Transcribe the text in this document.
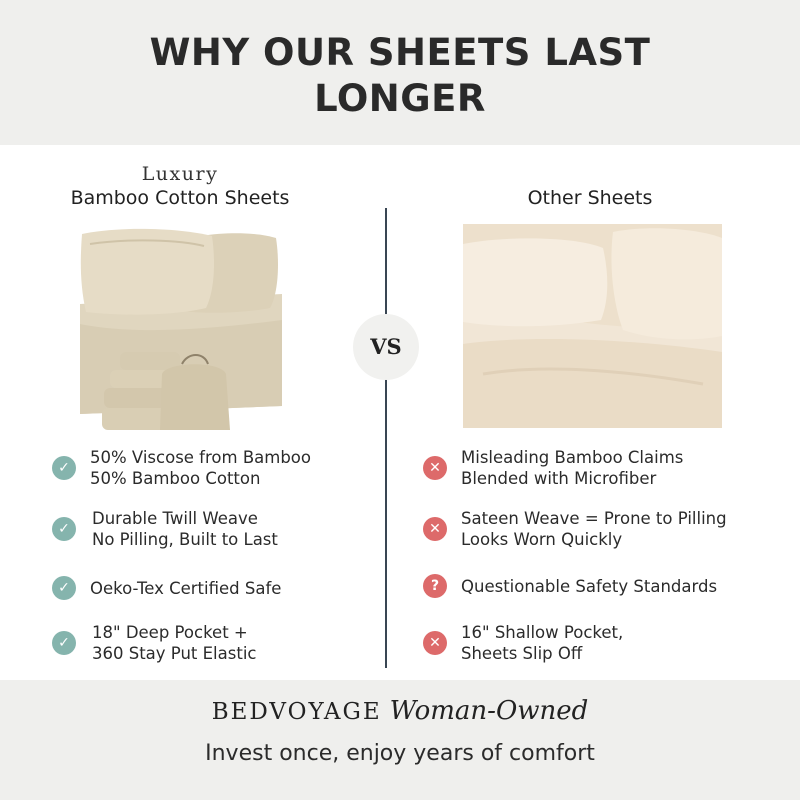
WHY OUR SHEETS LAST
LONGER
Luxury
Bamboo Cotton Sheets
VS
Other Sheets
✓
50% Viscose from Bamboo
50% Bamboo Cotton
✓
Durable Twill Weave
No Pilling, Built to Last
✓	Oeko-Tex Certified Safe
✓
18" Deep Pocket +
360 Stay Put Elastic
✕
Misleading Bamboo Claims
Blended with Microfiber
✕
Sateen Weave = Prone to Pilling
Looks Worn Quickly
?	Questionable Safety Standards
✕
16" Shallow Pocket,
Sheets Slip Off
BEDVOYAGE Woman-Owned
Invest once, enjoy years of comfort
